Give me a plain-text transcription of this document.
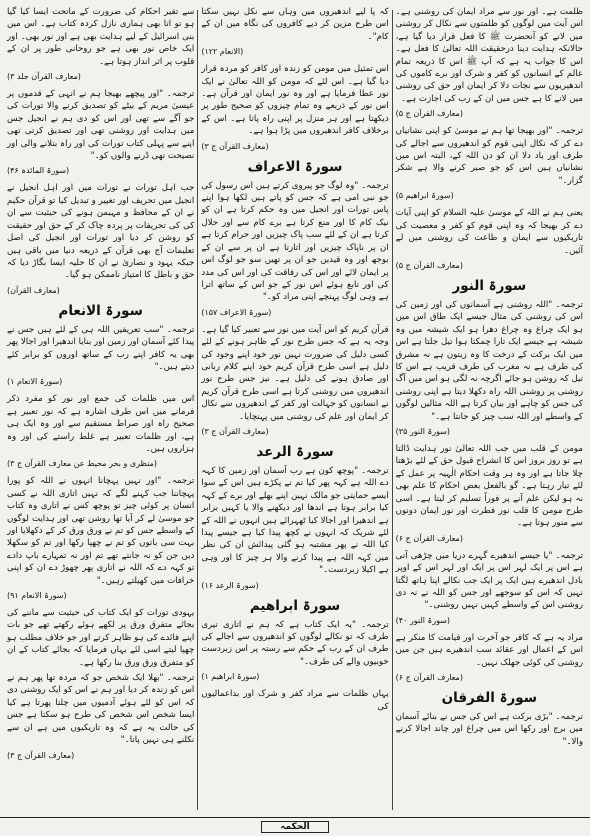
سے تقیر احکام کی ضرورت کے ماتحت ایسا کیا گیا ہو تو اتا بھی ہماری نازل کردہ کتاب ہے۔ اس میں بنی اسرائیل کے لیے ہدایت بھی ہے اور نور بھی۔ اور ایک خاص نور بھی ہے جو روحانی طور پر ان کے قلوب پر اثر انداز ہوتا ہے۔

(معارف القرآن جلد ۳)

ترجمہ۔ "اور پیچھے بھیجا ہم نے انہی کے قدموں پر عیسیٰ مریم کے بیٹے کو تصدیق کرنے والا تورات کی جو آگے سے تھی اور اس کو دی ہم نے انجیل جس میں ہدایت اور روشنی تھی اور تصدیق کرتی تھی اپنے سے پہلی کتاب تورات کی اور راہ بتلانے والی اور نصیحت تھی ڈرنے والوں کو۔"

(سورۃ المائدہ ۴۶)

جب اہل تورات نے تورات میں اور اہل انجیل نے انجیل میں تحریف اور تغییر و تبدیل کیا تو قرآن حکیم نے ان کے محافظ و مہیمن ہونے کی حیثیت سے ان کی کی تحریفات پر پردہ چاک کر کے حق اور حقیقت کو روشن کر دیا اور تورات اور انجیل کی اصل تعلیمات آج بھی قرآن کے ذریعہ دنیا میں باقی ہیں جبکہ یہود و نصاریٰ نے ان کا حلیہ ایسا بگاڑ دیا کہ حق و باطل کا امتیاز ناممکن ہو گیا۔

(معارف القرآن)

سورۃ الانعام

ترجمہ۔ "سب تعریفیں اللہ ہی کے لئے ہیں جس نے پیدا کئے آسمان اور زمین اور بنایا اندھیرا اور اجالا پھر بھی یہ کافر اپنے رب کے ساتھ اوروں کو برابر کئے دیتے ہیں۔"

(سورۃ الانعام ۱)

اس میں ظلمات کی جمع اور نور کو مفرد ذکر فرمانے میں اس طرف اشارہ ہے کہ نور تعبیر ہے صحیح راہ اور صراط مستقیم سے اور وہ ایک ہی ہے، اور ظلمات تعبیر ہے غلط راستے کی اور وہ ہزاروں ہیں۔

(منظری و بحر محیط عن معارف القرآن ج ۳)

ترجمہ۔ "اور نہیں پہچانا انہوں نے اللہ کو پورا پہچاننا جب کہنے لگے کہ نہیں اتاری اللہ نے کسی انسان پر کوئی چیز تو پوچھ کس نے اتاری وہ کتاب جو موسیٰ لے کر آیا تھا روشن تھی اور ہدایت لوگوں کے واسطے جس کو تم نے ورق ورق کر کے دکھلایا اور بہت سی باتوں کو تم نے چھپا رکھا اور تم کو سکھلا دیں جن کو نہ جانتے تھے تم اور نہ تمہارے باپ دادے تو کہہ دے کہ اللہ نے اتاری پھر چھوڑ دے ان کو اپنی خرافات میں کھیلتے رہیں۔"

(سورۃ الانعام ۹۱)

یہودی تورات کو ایک کتاب کی حیثیت سے ماننے کی بجائے متفرق ورق پر لکھے ہوئے رکھتے تھے جو بات اپنے فائدے کی ہو ظاہر کرتے اور جو خلاف مطلب ہو چھپا لیتے اسی لئے یہاں فرمایا کہ بجائے کتاب کے ان کو متفرق ورق ورق بنا رکھا ہے۔

ترجمہ۔ "بھلا ایک شخص جو کہ مردہ تھا پھر ہم نے اس کو زندہ کر دیا اور ہم نے اس کو ایک روشنی دی کہ اس کو لئے ہوئے آدمیوں میں چلتا پھرتا ہے کیا ایسا شخص اس شخص کی طرح ہو سکتا ہے جس کی حالت یہ ہے کہ وہ تاریکیوں میں ہے ان سے نکلنے ہی نہیں پاتا۔"

(معارف القرآن ج ۳)

کہ پا لیے اندھیروں میں وہاں سے نکل نہیں سکتا اس طرح مزین کر دیے کافروں کی نگاہ میں ان کے کام"۔

(الانعام ۱۲۲)

اس تمثیل میں مومن کو زندہ اور کافر کو مردہ قرار دیا گیا ہے۔ اس لئے کہ مومن کو اللہ تعالیٰ نے ایک نور عطا فرمایا ہے اور وہ نور ایمان اور قرآن ہے۔ اس نور کے ذریعے وہ تمام چیزوں کو صحیح طور پر دیکھتا ہے اور ہر منزل پر اپنی راہ پاتا ہے۔ اس کے برخلاف کافر اندھیروں میں پڑا ہوا ہے۔

(معارف القرآن ج ۳)

سورۃ الاعراف

ترجمہ۔ "وہ لوگ جو پیروی کرتے ہیں اس رسول کی جو نبی امی ہے کہ جس کو پاتے ہیں لکھا ہوا اپنے پاس تورات اور انجیل میں وہ حکم کرتا ہے ان کو نیک کام کا اور منع کرتا ہے برے کام سے اور حلال کرتا ہے ان کے لئے سب پاک چیزیں اور حرام کرتا ہے ان پر ناپاک چیزیں اور اتارتا ہے ان پر سے ان کے بوجھ اور وہ قیدیں جو ان پر تھیں سو جو لوگ اس پر ایمان لائے اور اس کی رفاقت کی اور اس کی مدد کی اور تابع ہوئے اس نور کے جو اس کے ساتھ اترا ہے وہی لوگ پہنچے اپنی مراد کو۔"

(سورۃ الاعراف ۱۵۷)

قرآن کریم کو اس آیت میں نور سے تعبیر کیا گیا ہے۔ وجہ یہ ہے کہ جس طرح نور کے ظاہر ہونے کے لئے کسی دلیل کی ضرورت نہیں نور خود اپنے وجود کی دلیل ہے اسی طرح قرآن کریم خود اپنے کلام ربانی اور صادق ہونے کی دلیل ہے۔ نیز جس طرح نور اندھیروں میں روشنی کرتا ہے اسی طرح قرآن کریم نے انسانوں کو جہالت اور کفر کے اندھیروں سے نکال کر ایمان اور علم کی روشنی میں پہنچایا۔

(معارف القرآن ج ۳)

سورۃ الرعد

ترجمہ۔ "پوچھ کون ہے رب آسمان اور زمین کا کہہ دے اللہ ہے کہہ پھر کیا تم نے پکڑے ہیں اس کے سوا ایسے حمایتی جو مالک نہیں اپنے بھلے اور برے کے کہہ کیا برابر ہوتا ہے اندھا اور دیکھنے والا یا کہیں برابر ہے اندھیرا اور اجالا کیا ٹھہرائے ہیں انہوں نے اللہ کے لئے شریک کہ انہوں نے کچھ پیدا کیا ہے جیسے پیدا کیا اللہ نے پھر مشتبہ ہو گئی پیدائش ان کی نظر میں کہہ اللہ ہے پیدا کرنے والا ہر چیز کا اور وہی ہے اکیلا زبردست۔"

(سورۃ الرعد ۱۶)

سورۃ ابراھیم

ترجمہ۔ "یہ ایک کتاب ہے کہ ہم نے اتاری تیری طرف کہ تو نکالے لوگوں کو اندھیروں سے اجالے کی طرف ان کے رب کے حکم سے رستہ پر اس زبردست خوبیوں والے کی طرف۔"

(سورۃ ابراھیم ۱)

یہاں ظلمات سے مراد کفر و شرک اور بداعمالیوں کی

ظلمت ہے۔ اور نور سے مراد ایمان کی روشنی ہے۔ اس آیت میں لوگوں کو ظلمتوں سے نکال کر روشنی میں لانے کو آنحضرت ﷺ کا فعل قرار دیا گیا ہے، حالانکہ ہدایت دینا درحقیقت اللہ تعالیٰ کا فعل ہے۔ اس کا جواب یہ ہے کہ آپ ﷺ اس کا ذریعہ تمام عالم کے انسانوں کو کفر و شرک اور برے کاموں کی اندھیریوں سے نجات دلا کر ایمان اور حق کی روشنی میں لانے کا ہے جس میں ان کے رب کی اجازت ہے۔

(معارف القرآن ج ۵)

ترجمہ۔ "اور بھیجا تھا ہم نے موسیٰ کو اپنی نشانیاں دے کر کہ نکال اپنی قوم کو اندھیروں سے اجالے کی طرف اور یاد دلا ان کو دن اللہ کے، البتہ اس میں نشانیاں ہیں اس کو جو صبر کرنے والا ہے شکر گزار۔"

(سورۃ ابراھیم ۵)

یعنی ہم نے اللہ کے موسیٰ علیہ السلام کو اپنی آیات دے کر بھیجا کہ وہ اپنی قوم کو کفر و معصیت کی تاریکیوں سے ایمان و طاعت کی روشنی میں لے آئیں۔

(معارف القرآن ج ۵)

سورۃ النور

ترجمہ۔ "اللہ روشنی ہے آسمانوں کی اور زمین کی اس کی روشنی کی مثال جیسے ایک طاق اس میں ہو ایک چراغ وہ چراغ دھرا ہو ایک شیشہ میں وہ شیشہ ہے جیسے ایک تارا چمکتا ہوا تیل جلتا ہے اس میں ایک برکت کے درخت کا وہ زیتون ہے نہ مشرق کی طرف ہے نہ مغرب کی طرف قریب ہے اس کا تیل کہ روشن ہو جائے اگرچہ نہ لگی ہو اس میں آگ روشنی پر روشنی اللہ راہ دکھلا دیتا ہے اپنی روشنی کی جس کو چاہے اور بیان کرتا ہے اللہ مثالیں لوگوں کے واسطے اور اللہ سب چیز کو جانتا ہے۔"

(سورۃ النور ۳۵)

مومن کے قلب میں جب اللہ تعالیٰ نور ہدایت ڈالتا ہے تو روز بروز اس کا انشراح قبول حق کے لئے بڑھتا چلا جاتا ہے اور وہ ہر وقت احکام الٰہیہ پر عمل کے لئے تیار رہتا ہے۔ گو بالفعل بعض احکام کا علم بھی نہ ہو لیکن علم آنے پر فوراً تسلیم کر لیتا ہے۔ اسی طرح مومن کا قلب نور فطرت اور نور ایمان دونوں سے منور ہوتا ہے۔

(معارف القرآن ج ۶)

ترجمہ۔ "یا جیسے اندھیرے گہرے دریا میں چڑھی آتی ہے اس پر ایک لہر اس پر ایک اور لہر اس کے اوپر بادل اندھیرے ہیں ایک پر ایک جب نکالے اپنا ہاتھ لگتا نہیں کہ اس کو سوجھے اور جس کو اللہ نے نہ دی روشنی اس کے واسطے کہیں نہیں روشنی۔"

(سورۃ النور ۴۰)

مراد یہ ہے کہ کافر جو آخرت اور قیامت کا منکر ہے اس کے اعمال اور عقائد سب اندھیرے ہیں جن میں روشنی کی کوئی جھلک نہیں۔

(معارف القرآن ج ۶)

سورۃ الفرقان

ترجمہ۔ "بڑی برکت ہے اس کی جس نے بنائے آسمان میں برج اور رکھا اس میں چراغ اور چاند اجالا کرنے والا۔"

الحکمہ
